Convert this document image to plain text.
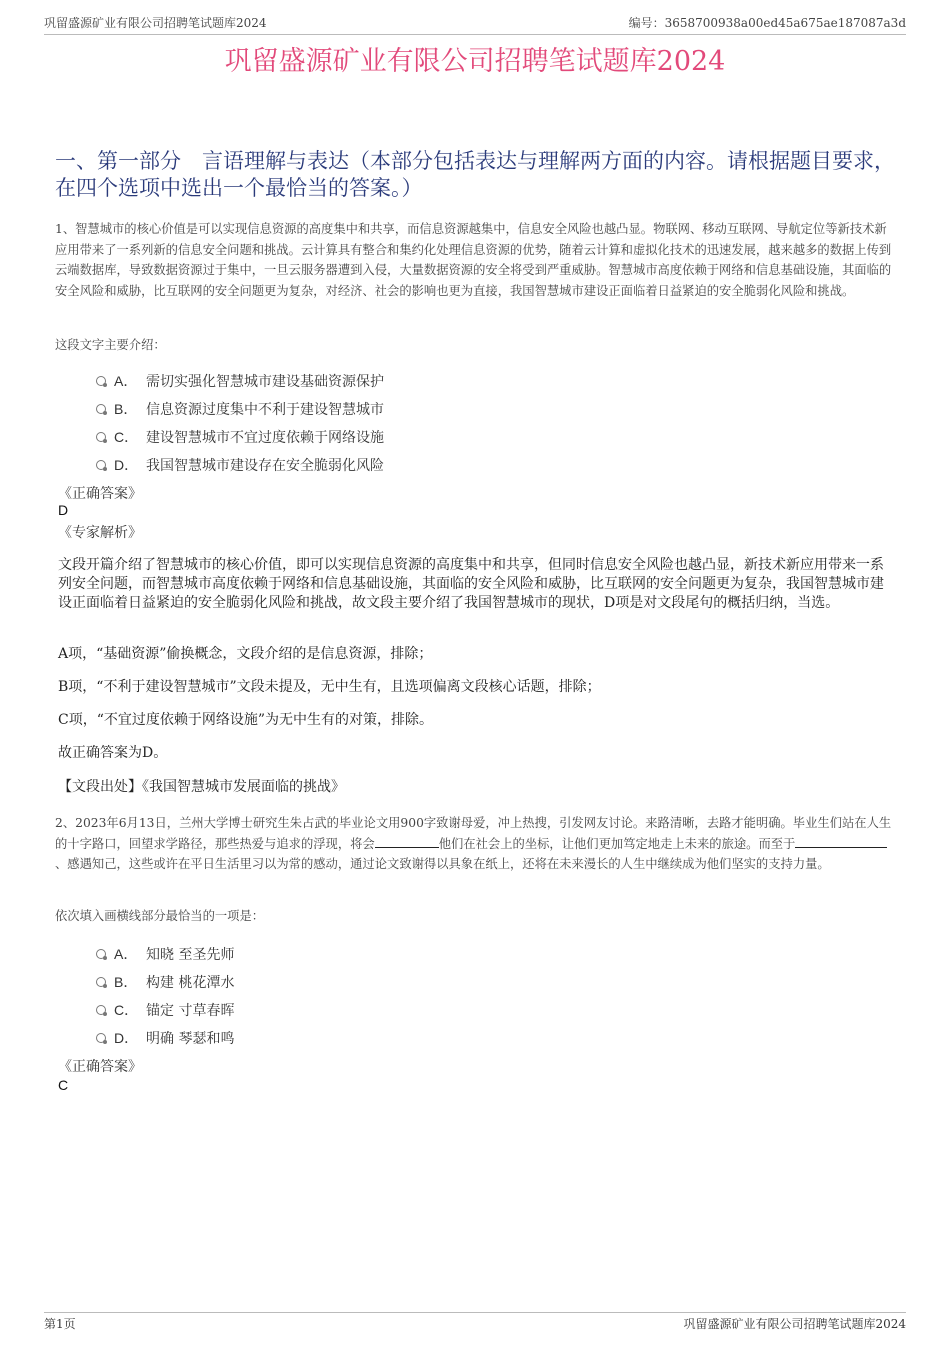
巩留盛源矿业有限公司招聘笔试题库2024	编号：3658700938a00ed45a675ae187087a3d
巩留盛源矿业有限公司招聘笔试题库2024
一、第一部分　言语理解与表达（本部分包括表达与理解两方面的内容。请根据题目要求，在四个选项中选出一个最恰当的答案。）
1、智慧城市的核心价值是可以实现信息资源的高度集中和共享，而信息资源越集中，信息安全风险也越凸显。物联网、移动互联网、导航定位等新技术新应用带来了一系列新的信息安全问题和挑战。云计算具有整合和集约化处理信息资源的优势，随着云计算和虚拟化技术的迅速发展，越来越多的数据上传到云端数据库，导致数据资源过于集中，一旦云服务器遭到入侵，大量数据资源的安全将受到严重威胁。智慧城市高度依赖于网络和信息基础设施，其面临的安全风险和威胁，比互联网的安全问题更为复杂，对经济、社会的影响也更为直接，我国智慧城市建设正面临着日益紧迫的安全脆弱化风险和挑战。
这段文字主要介绍：
A． 需切实强化智慧城市建设基础资源保护
B． 信息资源过度集中不利于建设智慧城市
C． 建设智慧城市不宜过度依赖于网络设施
D． 我国智慧城市建设存在安全脆弱化风险
《正确答案》
D
《专家解析》
文段开篇介绍了智慧城市的核心价值，即可以实现信息资源的高度集中和共享，但同时信息安全风险也越凸显，新技术新应用带来一系列安全问题，而智慧城市高度依赖于网络和信息基础设施，其面临的安全风险和威胁，比互联网的安全问题更为复杂，我国智慧城市建设正面临着日益紧迫的安全脆弱化风险和挑战，故文段主要介绍了我国智慧城市的现状，D项是对文段尾句的概括归纳，当选。
A项，“基础资源”偷换概念，文段介绍的是信息资源，排除；
B项，“不利于建设智慧城市”文段未提及，无中生有，且选项偏离文段核心话题，排除；
C项，“不宜过度依赖于网络设施”为无中生有的对策，排除。
故正确答案为D。
【文段出处】《我国智慧城市发展面临的挑战》
2、2023年6月13日，兰州大学博士研究生朱占武的毕业论文用900字致谢母爱，冲上热搜，引发网友讨论。来路清晰，去路才能明确。毕业生们站在人生的十字路口，回望求学路径，那些热爱与追求的浮现，将会	他们在社会上的坐标，让他们更加笃定地走上未来的旅途。而至于、感遇知己，这些或许在平日生活里习以为常的感动，通过论文致谢得以具象在纸上，还将在未来漫长的人生中继续成为他们坚实的支持力量。
依次填入画横线部分最恰当的一项是：
A． 知晓 至圣先师
B． 构建 桃花潭水
C． 锚定 寸草春晖
D． 明确 琴瑟和鸣
《正确答案》
C
第1页	巩留盛源矿业有限公司招聘笔试题库2024
